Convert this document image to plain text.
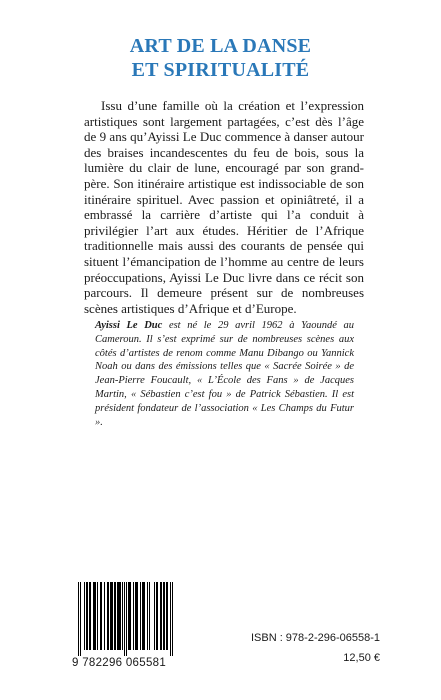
ART DE LA DANSE
ET SPIRITUALITÉ

Issu d’une famille où la création et l’expression artistiques sont largement partagées, c’est dès l’âge de 9 ans qu’Ayissi Le Duc commence à danser autour des braises incandescentes du feu de bois, sous la lumière du clair de lune, encouragé par son grand-père. Son itinéraire artistique est indissociable de son itinéraire spirituel. Avec passion et opiniâtreté, il a embrassé la carrière d’artiste qui l’a conduit à privilégier l’art aux études. Héritier de l’Afrique traditionnelle mais aussi des courants de pensée qui situent l’émancipation de l’homme au centre de leurs préoccupations, Ayissi Le Duc livre dans ce récit son parcours. Il demeure présent sur de nombreuses scènes artistiques d’Afrique et d’Europe.

Ayissi Le Duc est né le 29 avril 1962 à Yaoundé au Cameroun. Il s’est exprimé sur de nombreuses scènes aux côtés d’artistes de renom comme Manu Dibango ou Yannick Noah ou dans des émissions telles que « Sacrée Soirée » de Jean-Pierre Foucault, « L’École des Fans » de Jacques Martin, « Sébastien c’est fou » de Patrick Sébastien. Il est président fondateur de l’association « Les Champs du Futur ».

9 782296 065581
ISBN : 978-2-296-06558-1
12,50 €
